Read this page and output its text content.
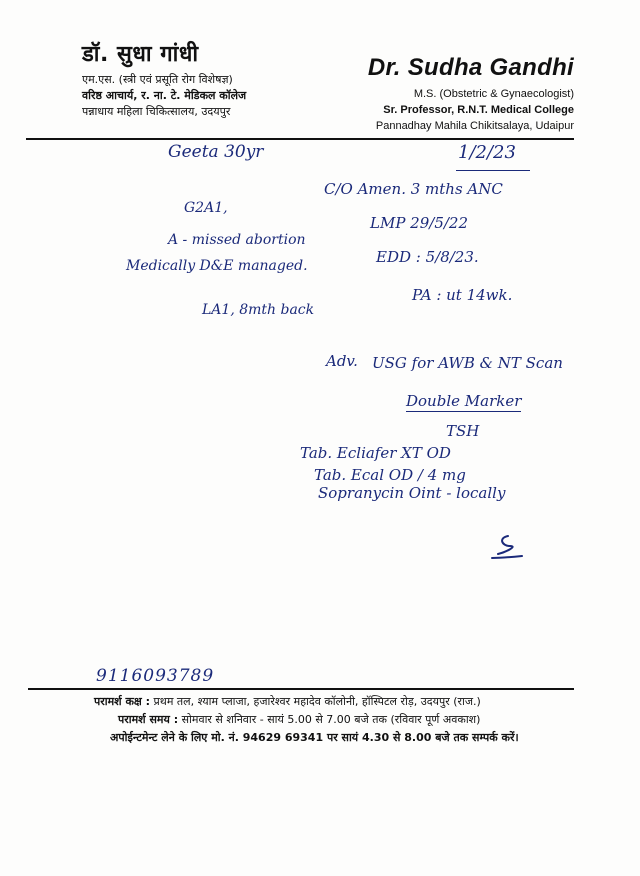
डॉ. सुधा गांधी
एम.एस. (स्त्री एवं प्रसूति रोग विशेषज्ञ)
वरिष्ठ आचार्य, र. ना. टे. मेडिकल कॉलेज
पन्नाधाय महिला चिकित्सालय, उदयपुर
Dr. Sudha Gandhi
M.S. (Obstetric & Gynaecologist)
Sr. Professor, R.N.T. Medical College
Pannadhay Mahila Chikitsalaya, Udaipur
Geeta 30yr	1/2/23
C/O Amen. 3 mths ANC
LMP 29/5/22
EDD : 5/8/23.
PA : ut 14wk.
G2A1,
A - missed abortion
Medically D&E managed.
LA1, 8mth back
Adv. USG for AWB & NT Scan
Double Marker
TSH
Tab. Ecliafer XT OD
Tab. Ecal OD / 4 mg
Sopranycin Oint - locally
9116093789
परामर्श कक्ष : प्रथम तल, श्याम प्लाजा, हजारेश्वर महादेव कॉलोनी, हॉस्पिटल रोड़, उदयपुर (राज.)
परामर्श समय : सोमवार से शनिवार - सायं 5.00 से 7.00 बजे तक (रविवार पूर्ण अवकाश)
अपोईन्टमेन्ट लेने के लिए मो. नं. 94629 69341 पर सायं 4.30 से 8.00 बजे तक सम्पर्क करें।
